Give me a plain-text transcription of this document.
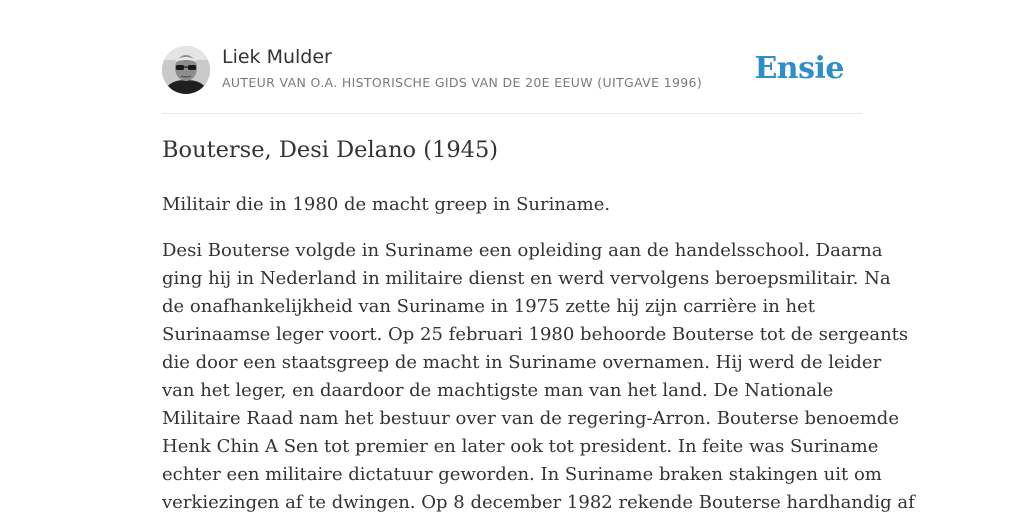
Liek Mulder
AUTEUR VAN O.A. HISTORISCHE GIDS VAN DE 20E EEUW (UITGAVE 1996) Ensie
Bouterse, Desi Delano (1945)

Militair die in 1980 de macht greep in Suriname.

Desi Bouterse volgde in Suriname een opleiding aan de handelsschool. Daarna
ging hij in Nederland in militaire dienst en werd vervolgens beroepsmilitair. Na
de onafhankelijkheid van Suriname in 1975 zette hij zijn carrière in het
Surinaamse leger voort. Op 25 februari 1980 behoorde Bouterse tot de sergeants
die door een staatsgreep de macht in Suriname overnamen. Hij werd de leider
van het leger, en daardoor de machtigste man van het land. De Nationale
Militaire Raad nam het bestuur over van de regering-Arron. Bouterse benoemde
Henk Chin A Sen tot premier en later ook tot president. In feite was Suriname
echter een militaire dictatuur geworden. In Suriname braken stakingen uit om
verkiezingen af te dwingen. Op 8 december 1982 rekende Bouterse hardhandig af
